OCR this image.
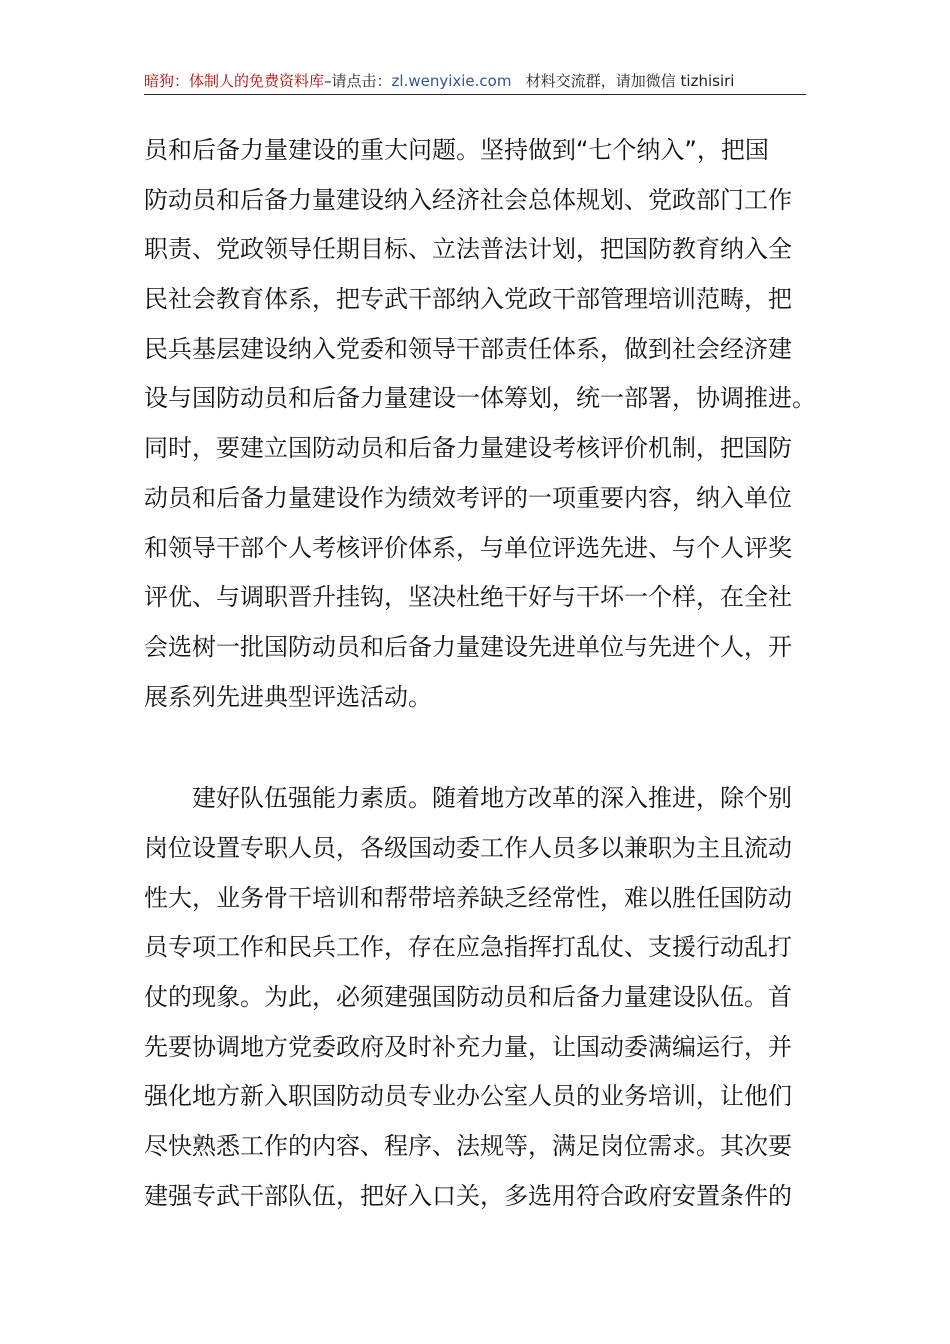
暗狗：体制人的免费资料库–请点击：zl.wenyixie.com 材料交流群，请加微信 tizhisiri
员和后备力量建设的重大问题。坚持做到“七个纳入”，把国
防动员和后备力量建设纳入经济社会总体规划、党政部门工作
职责、党政领导任期目标、立法普法计划，把国防教育纳入全
民社会教育体系，把专武干部纳入党政干部管理培训范畴，把
民兵基层建设纳入党委和领导干部责任体系，做到社会经济建
设与国防动员和后备力量建设一体筹划，统一部署，协调推进。
同时，要建立国防动员和后备力量建设考核评价机制，把国防
动员和后备力量建设作为绩效考评的一项重要内容，纳入单位
和领导干部个人考核评价体系，与单位评选先进、与个人评奖
评优、与调职晋升挂钩，坚决杜绝干好与干坏一个样，在全社
会选树一批国防动员和后备力量建设先进单位与先进个人，开
展系列先进典型评选活动。
建好队伍强能力素质。随着地方改革的深入推进，除个别
岗位设置专职人员，各级国动委工作人员多以兼职为主且流动
性大，业务骨干培训和帮带培养缺乏经常性，难以胜任国防动
员专项工作和民兵工作，存在应急指挥打乱仗、支援行动乱打
仗的现象。为此，必须建强国防动员和后备力量建设队伍。首
先要协调地方党委政府及时补充力量，让国动委满编运行，并
强化地方新入职国防动员专业办公室人员的业务培训，让他们
尽快熟悉工作的内容、程序、法规等，满足岗位需求。其次要
建强专武干部队伍，把好入口关，多选用符合政府安置条件的
